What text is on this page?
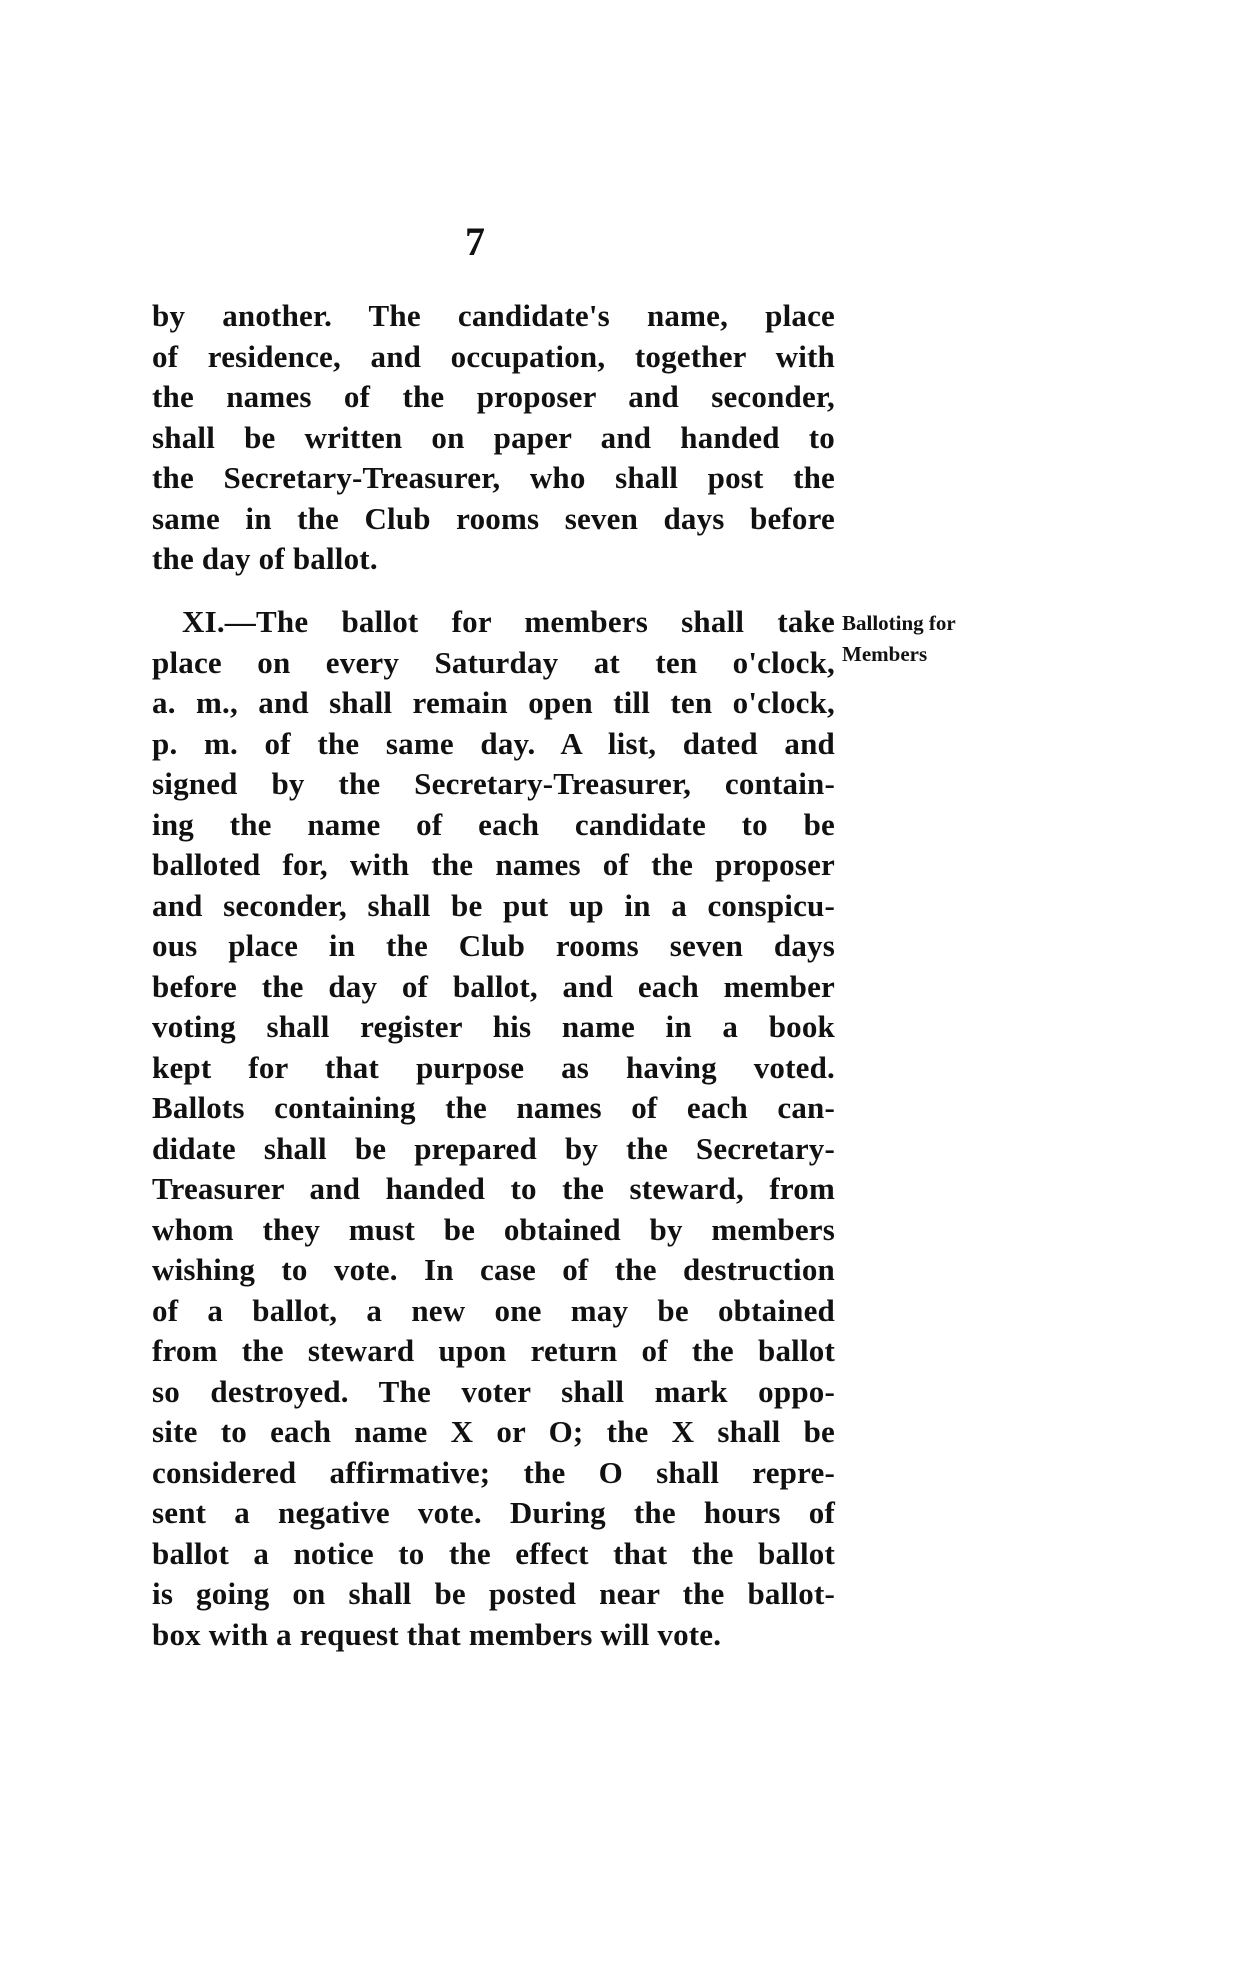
7
by another. The candidate's name, place
of residence, and occupation, together with
the names of the proposer and seconder,
shall be written on paper and handed to
the Secretary-Treasurer, who shall post the
same in the Club rooms seven days before
the day of ballot.
XI.—The ballot for members shall take
place on every Saturday at ten o'clock,
a. m., and shall remain open till ten o'clock,
p. m. of the same day. A list, dated and
signed by the Secretary-Treasurer, contain-
ing the name of each candidate to be
balloted for, with the names of the proposer
and seconder, shall be put up in a conspicu-
ous place in the Club rooms seven days
before the day of ballot, and each member
voting shall register his name in a book
kept for that purpose as having voted.
Ballots containing the names of each can-
didate shall be prepared by the Secretary-
Treasurer and handed to the steward, from
whom they must be obtained by members
wishing to vote. In case of the destruction
of a ballot, a new one may be obtained
from the steward upon return of the ballot
so destroyed. The voter shall mark oppo-
site to each name X or O; the X shall be
considered affirmative; the O shall repre-
sent a negative vote. During the hours of
ballot a notice to the effect that the ballot
is going on shall be posted near the ballot-
box with a request that members will vote.
Balloting for
Members
